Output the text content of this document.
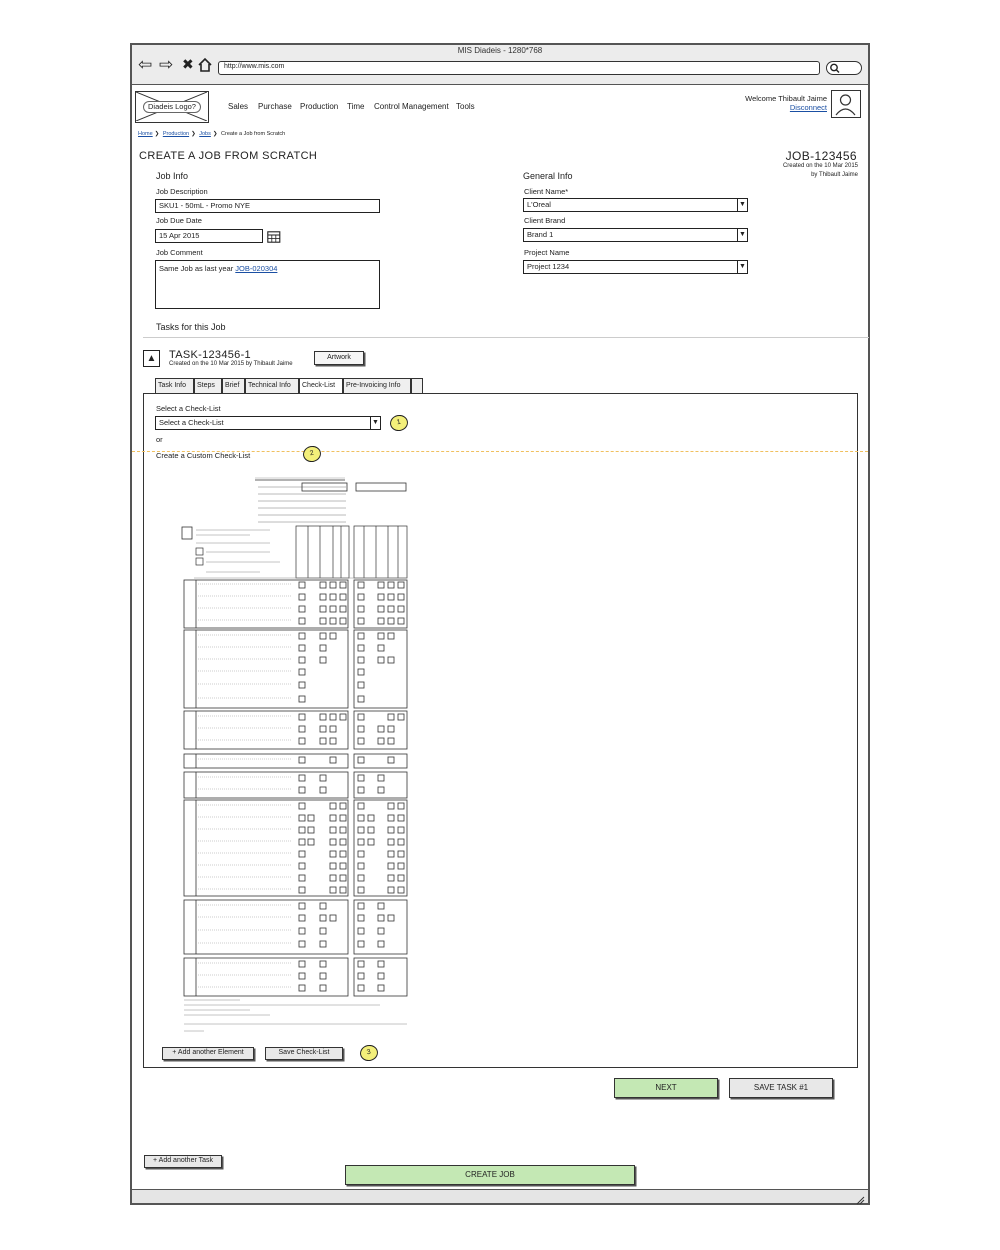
MIS Diadeis - 1280*768
⇦ ⇨ ✖	http://www.mis.com
Diadeis Logo?	Sales Purchase Production Time Control Management Tools
Welcome Thibault Jaime
Disconnect
Home ❯ Production ❯ Jobs ❯ Create a Job from Scratch
CREATE A JOB FROM SCRATCH	JOB-123456
Created on the 10 Mar 2015
by Thibault Jaime
Job Info
Job Description
SKU1 - 50mL - Promo NYE
Job Due Date
15 Apr 2015
Job Comment
Same Job as last year JOB-020304
General Info
Client Name*
L'Oreal	▼
Client Brand
Brand 1	▼
Project Name
Project 1234	▼
Tasks for this Job
▲	TASK-123456-1
Created on the 10 Mar 2015 by Thibault Jaime
Artwork
Task Info	Steps	Brief	Technical Info	Check-List	Pre-Invoicing Info
Select a Check-List
Select a Check-List	▼	1
or
Create a Custom Check-List	2
+ Add another Element	Save Check-List	3
NEXT	SAVE TASK #1
+ Add another Task
CREATE JOB
